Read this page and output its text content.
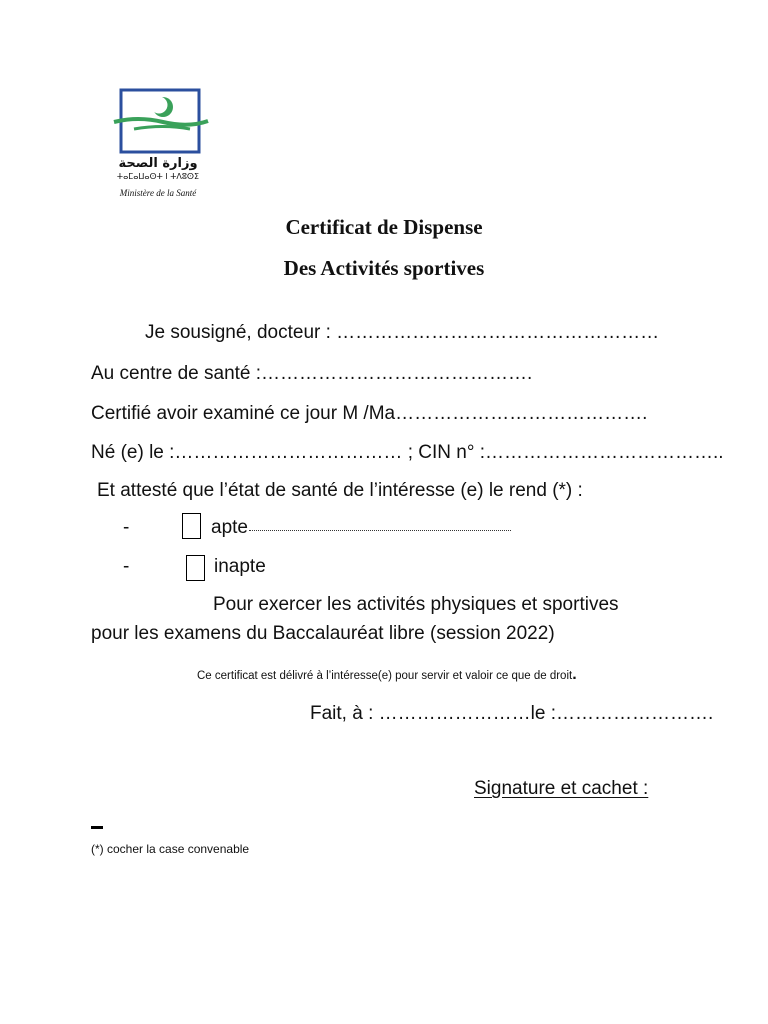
وزارة الصحة
ⵜⴰⵎⴰⵡⴰⵙⵜ ⵏ ⵜⴷⵓⵙⵉ
Ministère de la Santé
Certificat de Dispense
Des Activités sportives
Je sousigné, docteur : ……………………………………………
Au centre de santé :…………………………………….
Certifié avoir examiné ce jour M /Ma………………………………….
Né (e) le :……………………………… ; CIN n° :………………………………..
Et attesté que l’état de santé de l’intéresse (e) le rend (*) :
-	apte
-	inapte
Pour exercer les activités physiques et sportives
pour les examens du Baccalauréat libre (session 2022)
Ce certificat est délivré à l’intéresse(e) pour servir et valoir ce que de droit.
Fait, à : ……………………le :…………………….
Signature et cachet :
(*) cocher la case convenable
